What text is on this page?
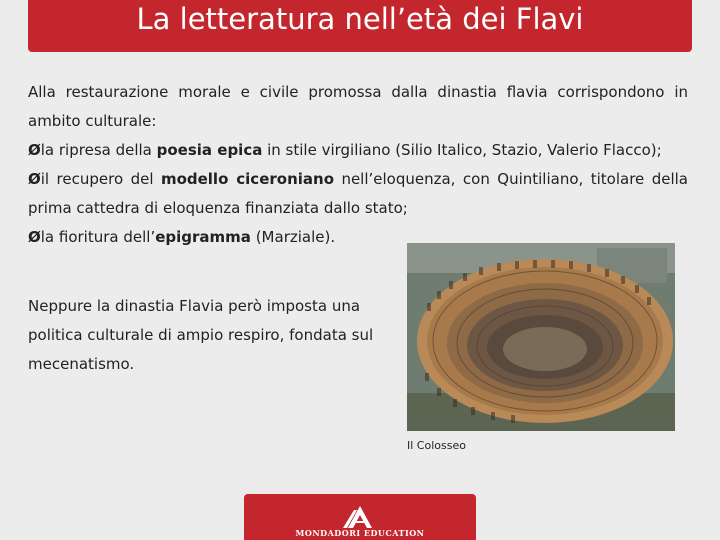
La letteratura nell’età dei Flavi

Alla restaurazione morale e civile promossa dalla dinastia flavia corrispondono in ambito culturale:

Øla ripresa della poesia epica in stile virgiliano (Silio Italico, Stazio, Valerio Flacco);

Øil recupero del modello ciceroniano nell’eloquenza, con Quintiliano, titolare della prima cattedra di eloquenza finanziata dallo stato;

Øla fioritura dell’epigramma (Marziale).

Neppure la dinastia Flavia però imposta una politica culturale di ampio respiro, fondata sul mecenatismo.

Il Colosseo
MONDADORI EDUCATION
